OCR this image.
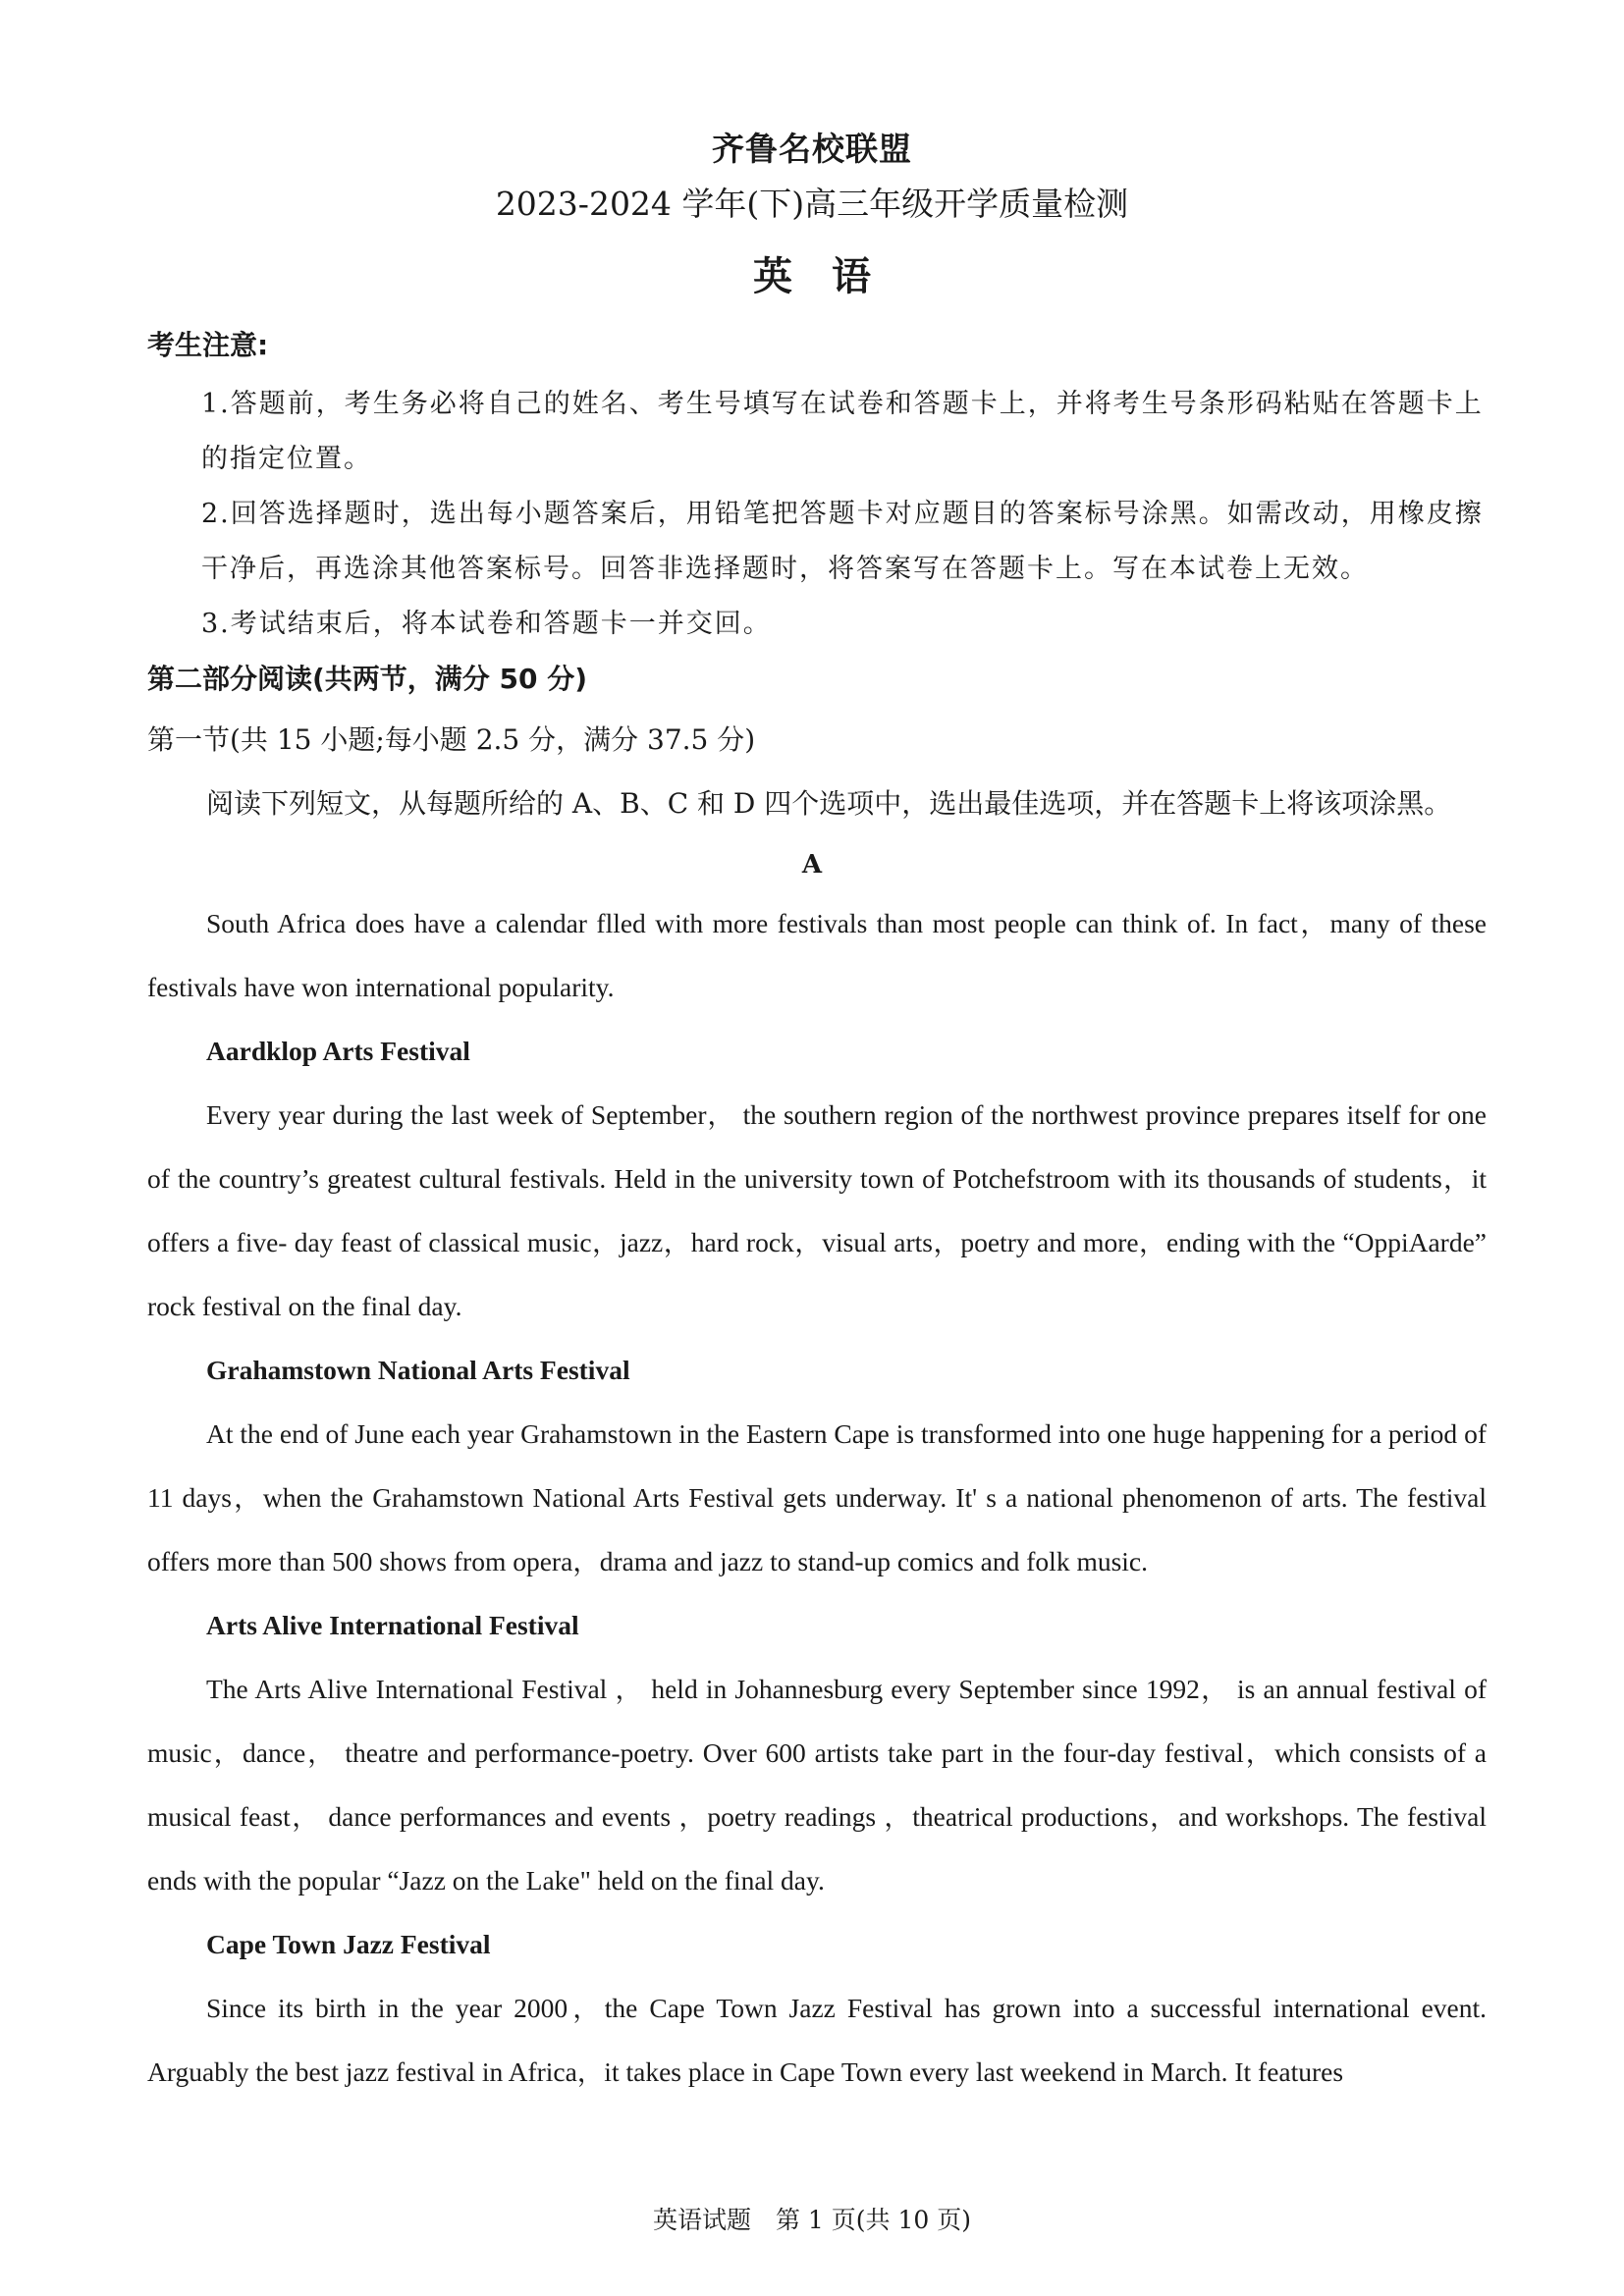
齐鲁名校联盟
2023-2024 学年(下)高三年级开学质量检测
英语
考生注意:
1.答题前，考生务必将自己的姓名、考生号填写在试卷和答题卡上，并将考生号条形码粘贴在答题卡上的指定位置。
2.回答选择题时，选出每小题答案后，用铅笔把答题卡对应题目的答案标号涂黑。如需改动，用橡皮擦干净后，再选涂其他答案标号。回答非选择题时，将答案写在答题卡上。写在本试卷上无效。
3.考试结束后，将本试卷和答题卡一并交回。
第二部分阅读(共两节，满分 50 分)
第一节(共 15 小题;每小题 2.5 分，满分 37.5 分)
阅读下列短文，从每题所给的 A、B、C 和 D 四个选项中，选出最佳选项，并在答题卡上将该项涂黑。
A

South Africa does have a calendar flled with more festivals than most people can think of. In fact，many of these festivals have won international popularity.

Aardklop Arts Festival

Every year during the last week of September， the southern region of the northwest province prepares itself for one of the country’s greatest cultural festivals. Held in the university town of Potchefstroom with its thousands of students，it offers a five- day feast of classical music，jazz，hard rock，visual arts，poetry and more，ending with the “OppiAarde” rock festival on the final day.

Grahamstown National Arts Festival

At the end of June each year Grahamstown in the Eastern Cape is transformed into one huge happening for a period of 11 days，when the Grahamstown National Arts Festival gets underway. It' s a national phenomenon of arts. The festival offers more than 500 shows from opera，drama and jazz to stand-up comics and folk music.

Arts Alive International Festival

The Arts Alive International Festival ， held in Johannesburg every September since 1992， is an annual festival of music，dance， theatre and performance-poetry. Over 600 artists take part in the four-day festival，which consists of a musical feast， dance performances and events ，poetry readings ，theatrical productions，and workshops. The festival ends with the popular “Jazz on the Lake" held on the final day.

Cape Town Jazz Festival

Since its birth in the year 2000，the Cape Town Jazz Festival has grown into a successful international event. Arguably the best jazz festival in Africa，it takes place in Cape Town every last weekend in March. It features

英语试题　第 1 页(共 10 页)
